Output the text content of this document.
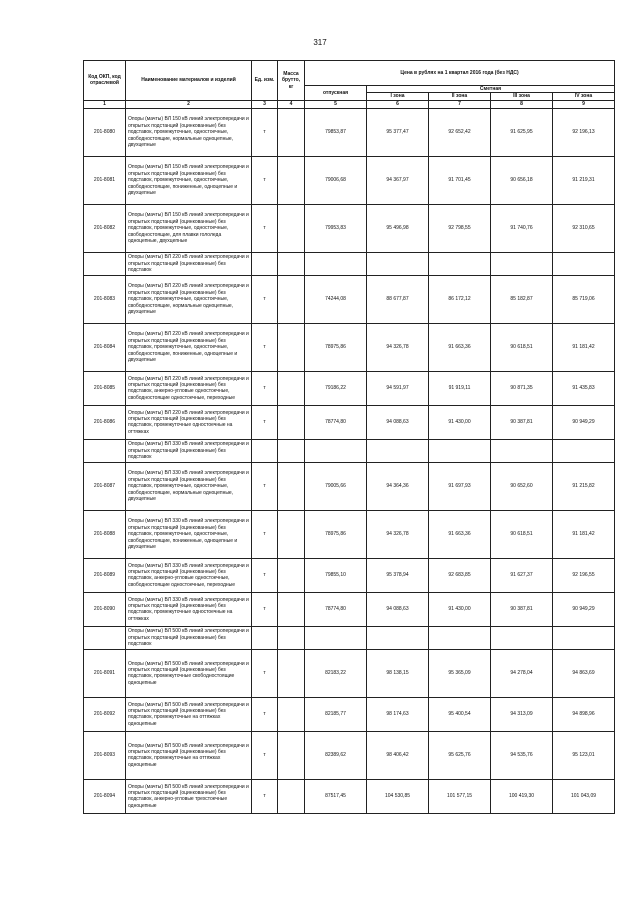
317
Код ОКП, код отраслевой	Наименование материалов и изделий	Ед. изм.	Масса брутто, кг	Цена в рублях на 1 квартал 2016 года (без НДС)				
				отпускная	Сметная			
					I зона	II зона	III зона	IV зона
1	2	3	4	5	6	7	8	9
201-8080	Опоры (мачты) ВЛ 150 кВ линий электропередачи и открытых подстанций (оцинкованные) без подставок, промежуточные, одностоечные, свободностоящие, нормальные одноцепные, двухцепные	т		79853,87	95 377,47	92 652,42	91 625,95	92 196,13
201-8081	Опоры (мачты) ВЛ 150 кВ линий электропередачи и открытых подстанций (оцинкованные) без подставок, промежуточные, одностоечные, свободностоящие, пониженные, одноцепные и двухцепные	т		79006,68	94 367,97	91 701,45	90 656,18	91 219,31
201-8082	Опоры (мачты) ВЛ 150 кВ линий электропередачи и открытых подстанций (оцинкованные) без подставок, промежуточные, одностоечные, свободностоящие, для плавки гололеда одноцепные, двухцепные	т		79953,83	95 496,98	92 798,55	91 740,76	92 310,65
	Опоры (мачты) ВЛ 220 кВ линий электропередачи и открытых подстанций (оцинкованные) без подставок							
201-8083	Опоры (мачты) ВЛ 220 кВ линий электропередачи и открытых подстанций (оцинкованные) без подставок, промежуточные, одностоечные, свободностоящие, нормальные одноцепные, двухцепные	т		74244,08	88 677,87	86 172,12	85 182,87	85 719,06
201-8084	Опоры (мачты) ВЛ 220 кВ линий электропередачи и открытых подстанций (оцинкованные) без подставок, промежуточные, одностоечные, свободностоящие, пониженные, одноцепные и двухцепные	т		78975,86	94 326,78	91 663,36	90 618,51	91 181,42
201-8085	Опоры (мачты) ВЛ 220 кВ линий электропередачи и открытых подстанций (оцинкованные) без подставок, анкерно-угловые одностоечные, свободностоящие одностоечные, переходные	т		79186,22	94 591,97	91 919,11	90 871,35	91 435,83
201-8086	Опоры (мачты) ВЛ 220 кВ линий электропередачи и открытых подстанций (оцинкованные) без подставок, промежуточные одностоечные на оттяжках	т		78774,80	94 088,63	91 430,00	90 387,81	90 949,29
	Опоры (мачты) ВЛ 330 кВ линий электропередачи и открытых подстанций (оцинкованные) без подставок							
201-8087	Опоры (мачты) ВЛ 330 кВ линий электропередачи и открытых подстанций (оцинкованные) без подставок, промежуточные, одностоечные, свободностоящие, нормальные одноцепные, двухцепные	т		79005,66	94 364,36	91 697,93	90 652,60	91 215,82
201-8088	Опоры (мачты) ВЛ 330 кВ линий электропередачи и открытых подстанций (оцинкованные) без подставок, промежуточные, одностоечные, свободностоящие, пониженные, одноцепные и двухцепные	т		78975,86	94 326,78	91 663,36	90 618,51	91 181,42
201-8089	Опоры (мачты) ВЛ 330 кВ линий электропередачи и открытых подстанций (оцинкованные) без подставок, анкерно-угловые одностоечные, свободностоящие одностоечные, переходные	т		79855,10	95 378,94	92 683,85	91 627,37	92 196,55
201-8090	Опоры (мачты) ВЛ 330 кВ линий электропередачи и открытых подстанций (оцинкованные) без подставок, промежуточные одностоечные на оттяжках	т		78774,80	94 088,63	91 430,00	90 387,81	90 949,29
	Опоры (мачты) ВЛ 500 кВ линий электропередачи и открытых подстанций (оцинкованные) без подставок							
201-8091	Опоры (мачты) ВЛ 500 кВ линий электропередачи и открытых подстанций (оцинкованные) без подставок, промежуточные свободностоящие одноцепные	т		82183,22	98 138,15	95 365,09	94 278,04	94 863,69
201-8092	Опоры (мачты) ВЛ 500 кВ линий электропередачи и открытых подстанций (оцинкованные) без подставок, промежуточные на оттяжках одноцепные	т		82185,77	98 174,63	95 400,54	94 313,09	94 898,96
201-8093	Опоры (мачты) ВЛ 500 кВ линий электропередачи и открытых подстанций (оцинкованные) без подставок, промежуточные на оттяжках одноцепные	т		82389,62	98 406,42	95 625,76	94 535,76	95 123,01
201-8094	Опоры (мачты) ВЛ 500 кВ линий электропередачи и открытых подстанций (оцинкованные) без подставок, анкерно-угловые трехстоечные одноцепные	т		87517,45	104 530,85	101 577,15	100 419,30	101 043,09
